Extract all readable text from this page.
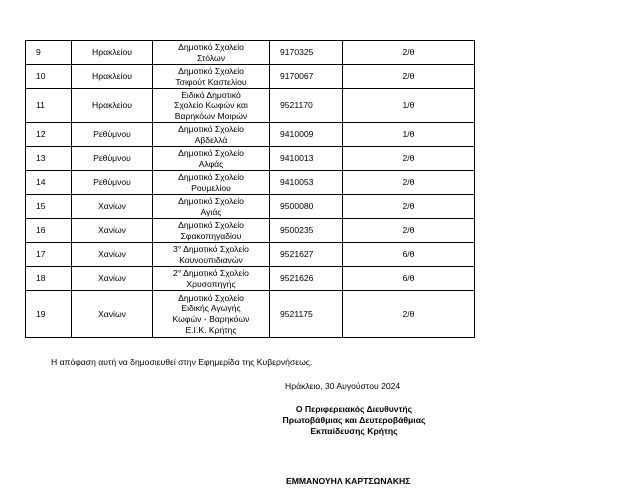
9	Ηρακλείου	Δημοτικό Σχολείο
Στόλων	9170325	2/θ
10	Ηρακλείου	Δημοτικό Σχολείο
Τσιφούτ Καστελίου	9170067	2/θ
11	Ηρακλείου	Ειδικό Δημοτικό
Σχολείο Κωφών και
Βαρηκόων Μοιρών	9521170	1/θ
12	Ρεθύμνου	Δημοτικό Σχολείο
Αβδελλά	9410009	1/θ
13	Ρεθύμνου	Δημοτικό Σχολείο
Αλφάς	9410013	2/θ
14	Ρεθύμνου	Δημοτικό Σχολείο
Ρουμελίου	9410053	2/θ
15	Χανίων	Δημοτικό Σχολείο
Αγιάς	9500080	2/θ
16	Χανίων	Δημοτικό Σχολείο
Σφακοπηγαδίου	9500235	2/θ
17	Χανίων	3° Δημοτικό Σχολείο
Κουνουπιδιανών	9521627	6/θ
18	Χανίων	2° Δημοτικό Σχολείο
Χρυσοπηγής	9521626	6/θ
19	Χανίων	Δημοτικό Σχολείο
Ειδικής Αγωγής
Κωφών - Βαρηκόων
Ε.Ι.Κ. Κρήτης	9521175	2/θ
Η απόφαση αυτή να δημοσιευθεί στην Εφημερίδα της Κυβερνήσεως.
Ηράκλειο, 30 Αυγούστου 2024
Ο Περιφερειακός Διευθυντής
Πρωτοβάθμιας και Δευτεροβάθμιας
Εκπαίδευσης Κρήτης
ΕΜΜΑΝΟΥΗΛ ΚΑΡΤΣΩΝΑΚΗΣ
